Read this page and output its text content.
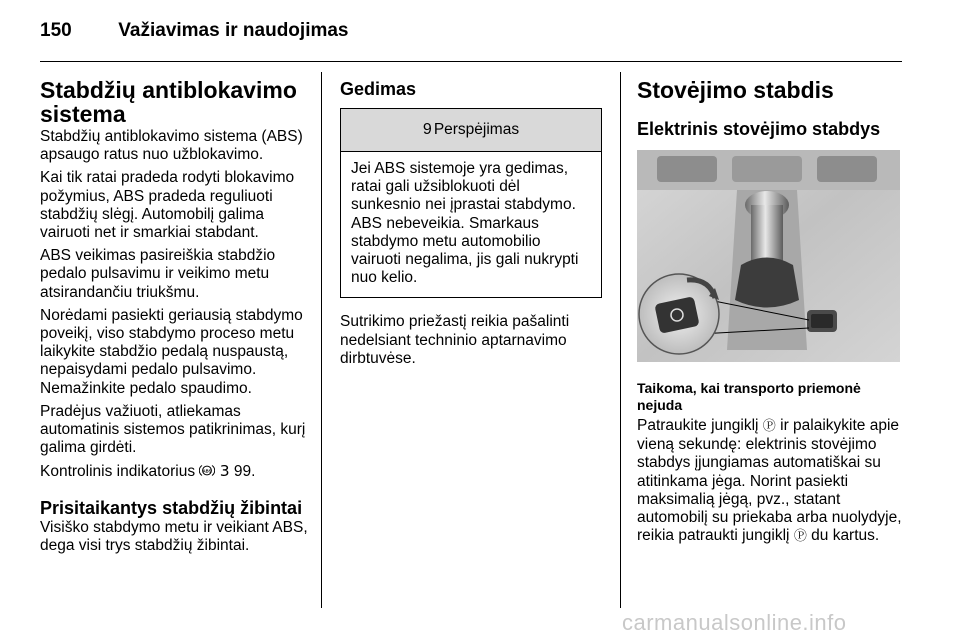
150 Važiavimas ir naudojimas
Stabdžių antiblokavimo sistema

Stabdžių antiblokavimo sistema (ABS) apsaugo ratus nuo užblokavimo.

Kai tik ratai pradeda rodyti blokavimo požymius, ABS pradeda reguliuoti stabdžių slėgį. Automobilį galima vairuoti net ir smarkiai stabdant.

ABS veikimas pasireiškia stabdžio pedalo pulsavimu ir veikimo metu atsirandančiu triukšmu.

Norėdami pasiekti geriausią stabdymo poveikį, viso stabdymo proceso metu laikykite stabdžio pedalą nuspaustą, nepaisydami pedalo pulsavimo. Nemažinkite pedalo spaudimo.

Pradėjus važiuoti, atliekamas automatinis sistemos patikrinimas, kurį galima girdėti.

Kontrolinis indikatorius ABS 3 99.

Prisitaikantys stabdžių žibintai

Visiško stabdymo metu ir veikiant ABS, dega visi trys stabdžių žibintai.

Gedimas
9 Perspėjimas

Jei ABS sistemoje yra gedimas, ratai gali užsiblokuoti dėl sunkesnio nei įprastai stabdymo. ABS nebeveikia. Smarkaus stabdymo metu automobilio vairuoti negalima, jis gali nukrypti nuo kelio.

Sutrikimo priežastį reikia pašalinti nedelsiant techninio aptarnavimo dirbtuvėse.

Stovėjimo stabdis
Elektrinis stovėjimo stabdys
Taikoma, kai transporto priemonė nejuda

Patraukite jungiklį Ⓟ ir palaikykite apie vieną sekundę: elektrinis stovėjimo stabdys įjungiamas automatiškai su atitinkama jėga. Norint pasiekti maksimalią jėgą, pvz., statant automobilį su priekaba arba nuolydyje, reikia patraukti jungiklį Ⓟ du kartus.

carmanualsonline.info
